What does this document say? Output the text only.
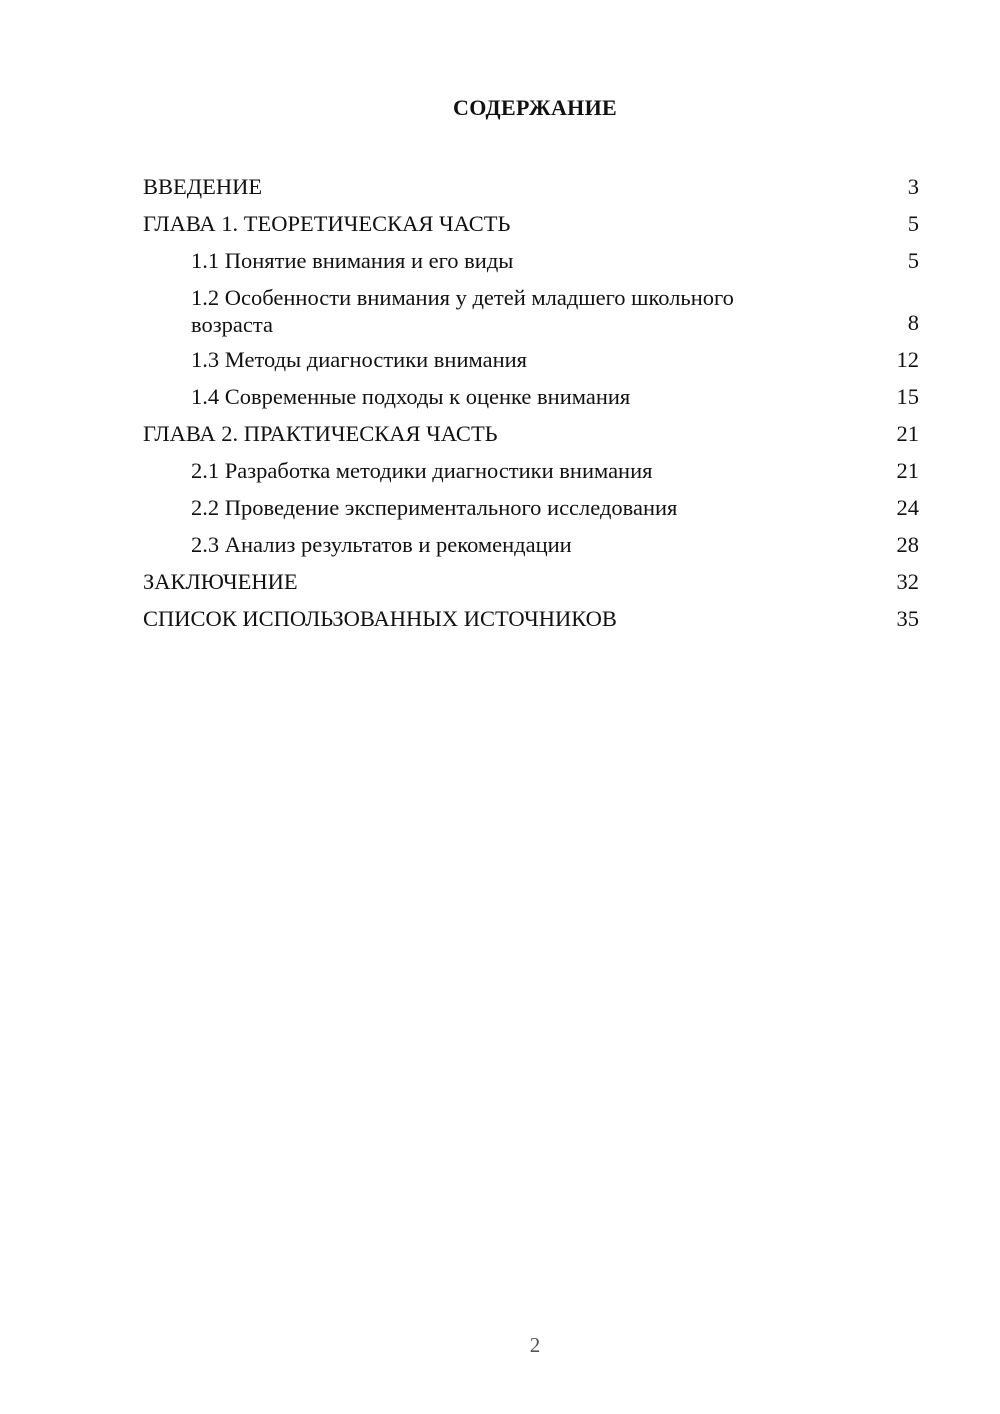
СОДЕРЖАНИЕ
ВВЕДЕНИЕ	3
ГЛАВА 1. ТЕОРЕТИЧЕСКАЯ ЧАСТЬ	5
1.1 Понятие внимания и его виды	5
1.2 Особенности внимания у детей младшего школьного возраста	8
1.3 Методы диагностики внимания	12
1.4 Современные подходы к оценке внимания	15
ГЛАВА 2. ПРАКТИЧЕСКАЯ ЧАСТЬ	21
2.1 Разработка методики диагностики внимания	21
2.2 Проведение экспериментального исследования	24
2.3 Анализ результатов и рекомендации	28
ЗАКЛЮЧЕНИЕ	32
СПИСОК ИСПОЛЬЗОВАННЫХ ИСТОЧНИКОВ	35
2
